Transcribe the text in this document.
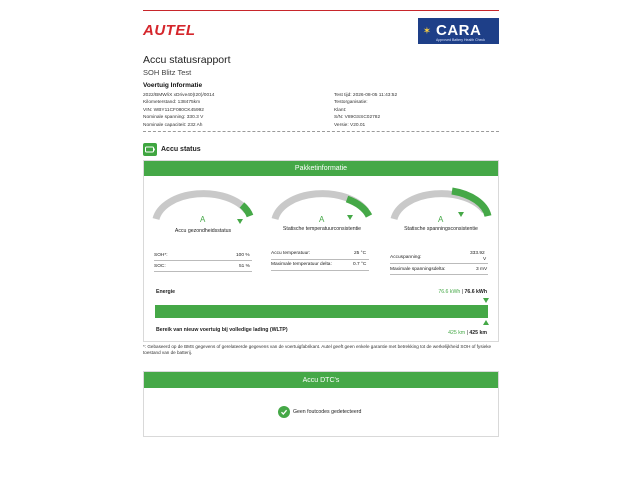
AUTEL	✶ CARA
Approved Battery Health Check
Accu statusrapport
SOH Blitz Test
Voertuig Informatie
2022/BMW/iX xDrive40(I20)/0014
Kilometerstand: 138475km
VIN: WBY11CF080CK45992
Nominale spanning: 330.3 V
Nominale capaciteit: 232 Ah
Test tijd: 2026-08-05 11:43:52
Testorganisatie:
Klant:
S/N: V89GSSC02782
Versie: V20.01
Accu status
Pakketinformatie
A
Accu gezondheidsstatus
A
Statische temperatuurconsistentie
A
Statische spanningsconsistentie
SOH*:	100 %
SOC:	51 %
Accu temperatuur:	25 °C
Maximale temperatuur delta:	0.7 °C
Accuspanning:
333.92
V
Maximale spanningsdelta:	3 mV
Energie	76.6 kWh | 76.6 kWh
Bereik van nieuw voertuig bij volledige lading (WLTP)	425 km | 425 km
*: Gebaseerd op de BMS gegevens of gerelateerde gegevens van de voertuigfabrikant. Autel geeft geen enkele garantie met betrekking tot de werkelijkheid SOH of fysieke toestand van de batterij.
Accu DTC's
Geen foutcodes gedetecteerd
